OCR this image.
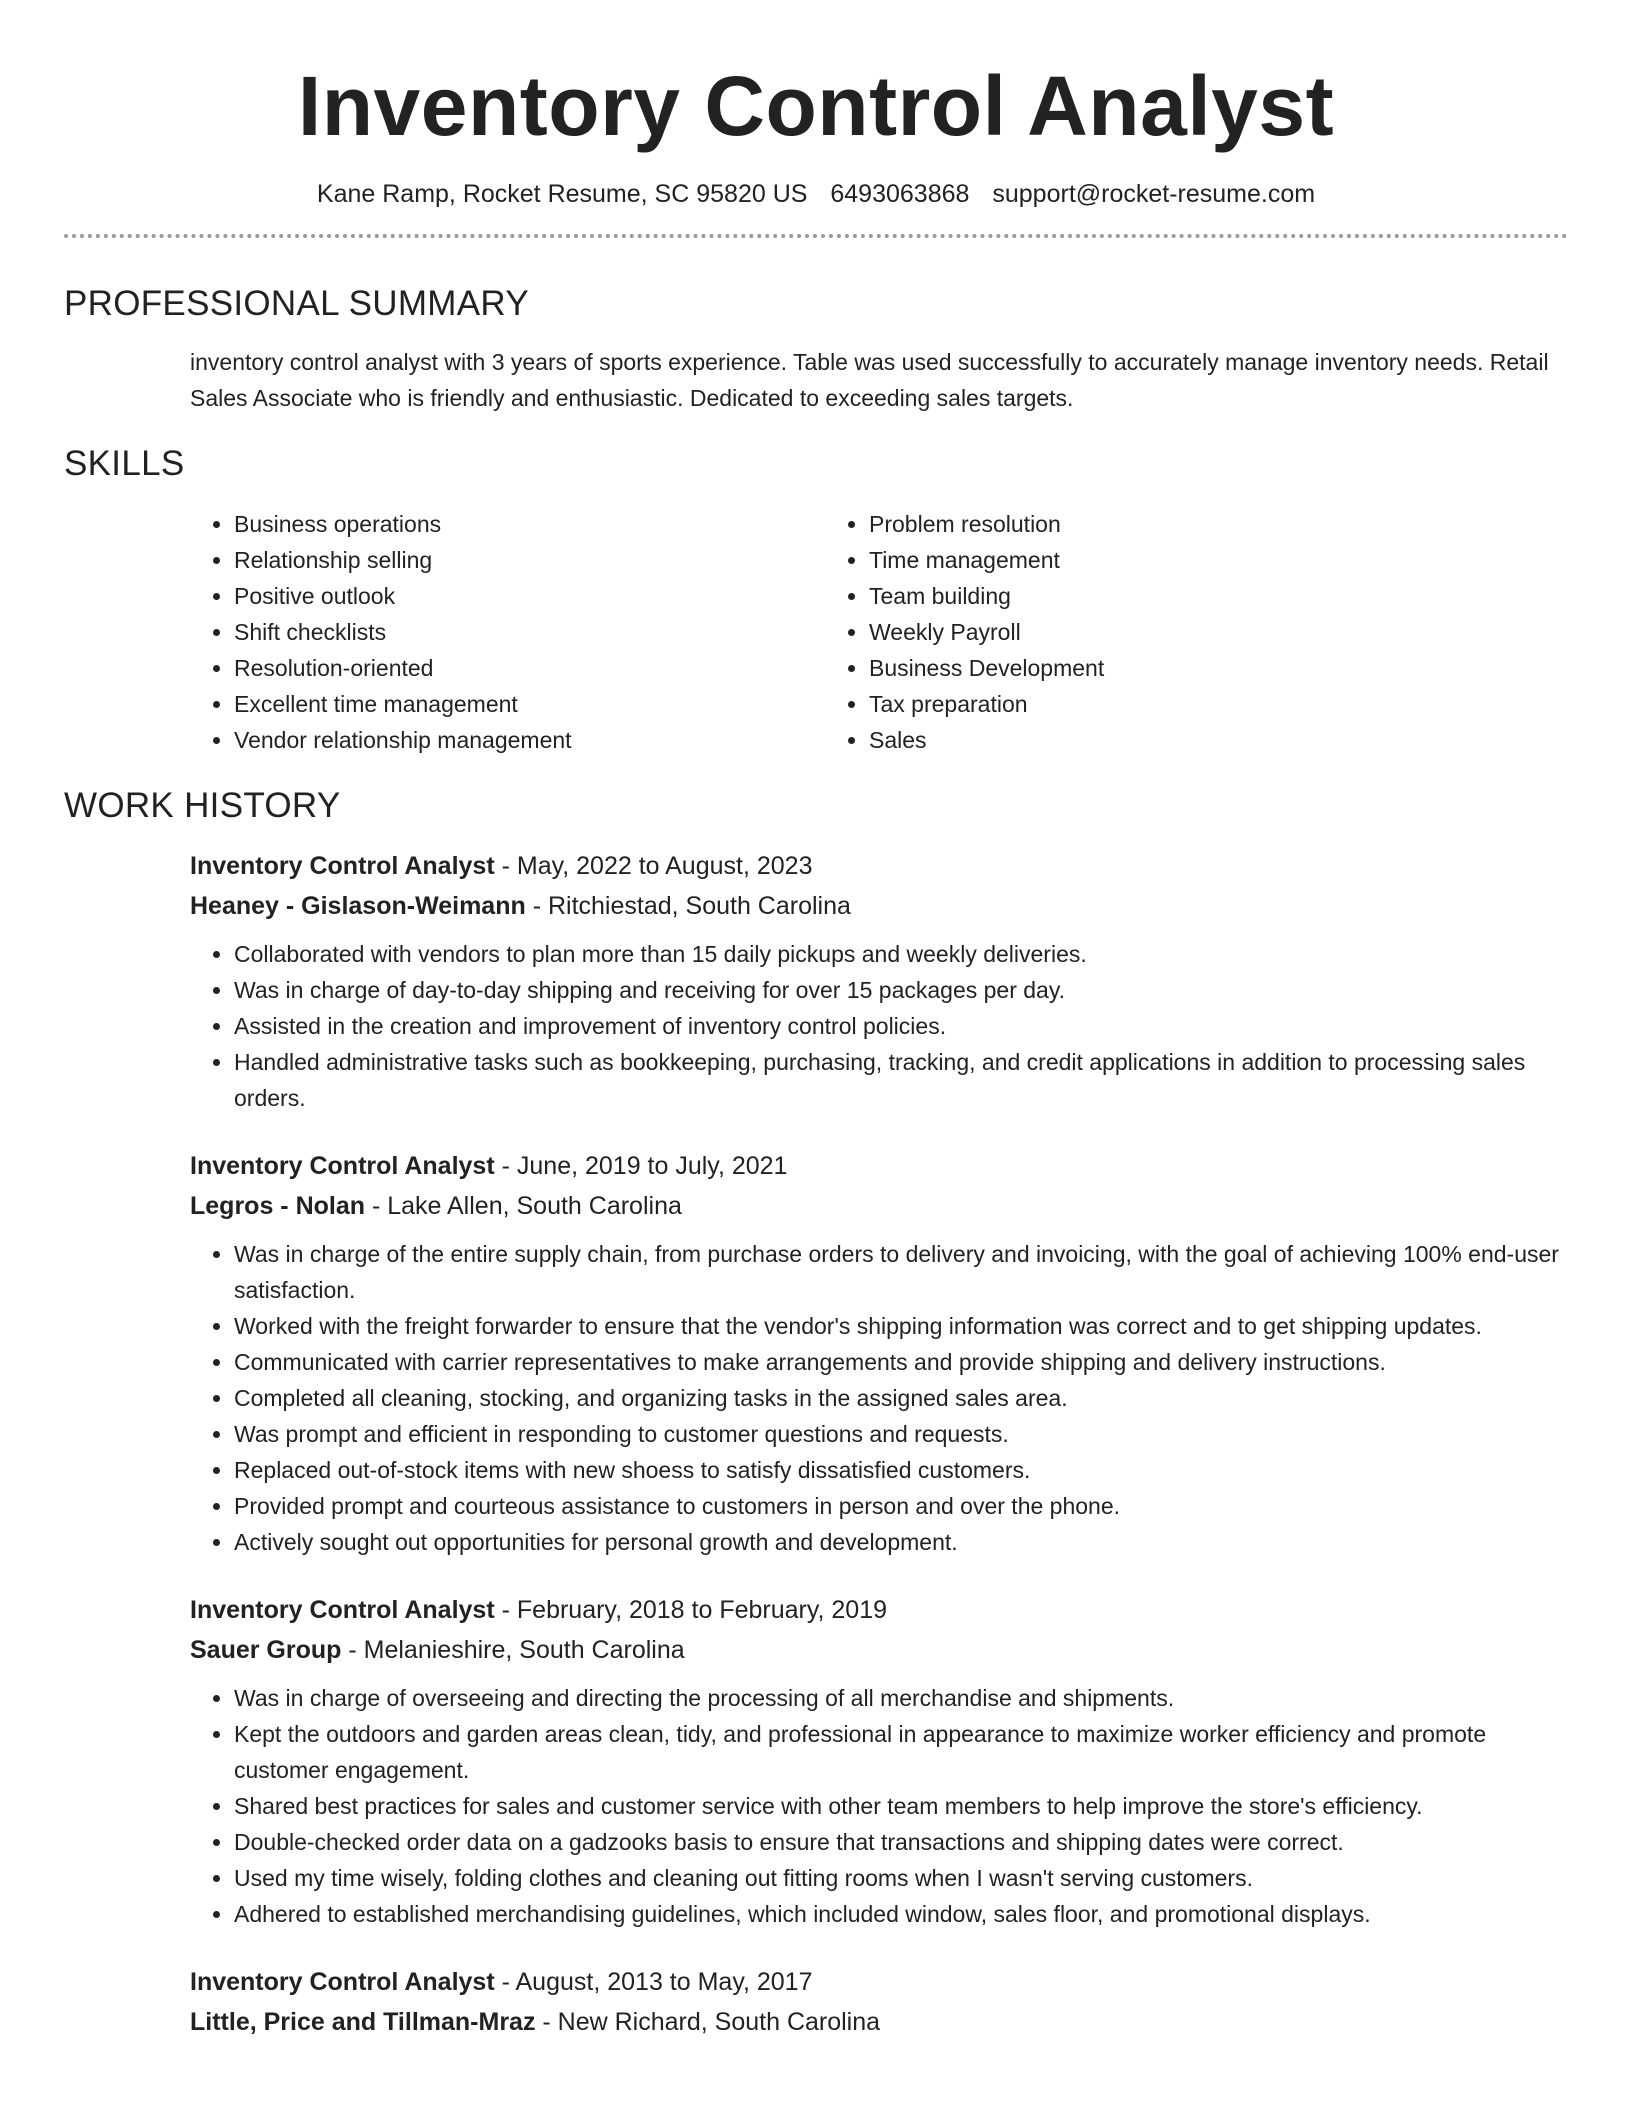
Inventory Control Analyst
Kane Ramp, Rocket Resume, SC 95820 US 6493063868 support@rocket-resume.com
PROFESSIONAL SUMMARY
inventory control analyst with 3 years of sports experience. Table was used successfully to accurately manage inventory needs. Retail Sales Associate who is friendly and enthusiastic. Dedicated to exceeding sales targets.
SKILLS
• Business operations
• Relationship selling
• Positive outlook
• Shift checklists
• Resolution-oriented
• Excellent time management
• Vendor relationship management
• Problem resolution
• Time management
• Team building
• Weekly Payroll
• Business Development
• Tax preparation
• Sales
WORK HISTORY
Inventory Control Analyst - May, 2022 to August, 2023
Heaney - Gislason-Weimann - Ritchiestad, South Carolina
• Collaborated with vendors to plan more than 15 daily pickups and weekly deliveries.
• Was in charge of day-to-day shipping and receiving for over 15 packages per day.
• Assisted in the creation and improvement of inventory control policies.
• Handled administrative tasks such as bookkeeping, purchasing, tracking, and credit applications in addition to processing sales orders.
Inventory Control Analyst - June, 2019 to July, 2021
Legros - Nolan - Lake Allen, South Carolina
• Was in charge of the entire supply chain, from purchase orders to delivery and invoicing, with the goal of achieving 100% end-user satisfaction.
• Worked with the freight forwarder to ensure that the vendor's shipping information was correct and to get shipping updates.
• Communicated with carrier representatives to make arrangements and provide shipping and delivery instructions.
• Completed all cleaning, stocking, and organizing tasks in the assigned sales area.
• Was prompt and efficient in responding to customer questions and requests.
• Replaced out-of-stock items with new shoess to satisfy dissatisfied customers.
• Provided prompt and courteous assistance to customers in person and over the phone.
• Actively sought out opportunities for personal growth and development.
Inventory Control Analyst - February, 2018 to February, 2019
Sauer Group - Melanieshire, South Carolina
• Was in charge of overseeing and directing the processing of all merchandise and shipments.
• Kept the outdoors and garden areas clean, tidy, and professional in appearance to maximize worker efficiency and promote customer engagement.
• Shared best practices for sales and customer service with other team members to help improve the store's efficiency.
• Double-checked order data on a gadzooks basis to ensure that transactions and shipping dates were correct.
• Used my time wisely, folding clothes and cleaning out fitting rooms when I wasn't serving customers.
• Adhered to established merchandising guidelines, which included window, sales floor, and promotional displays.
Inventory Control Analyst - August, 2013 to May, 2017
Little, Price and Tillman-Mraz - New Richard, South Carolina
